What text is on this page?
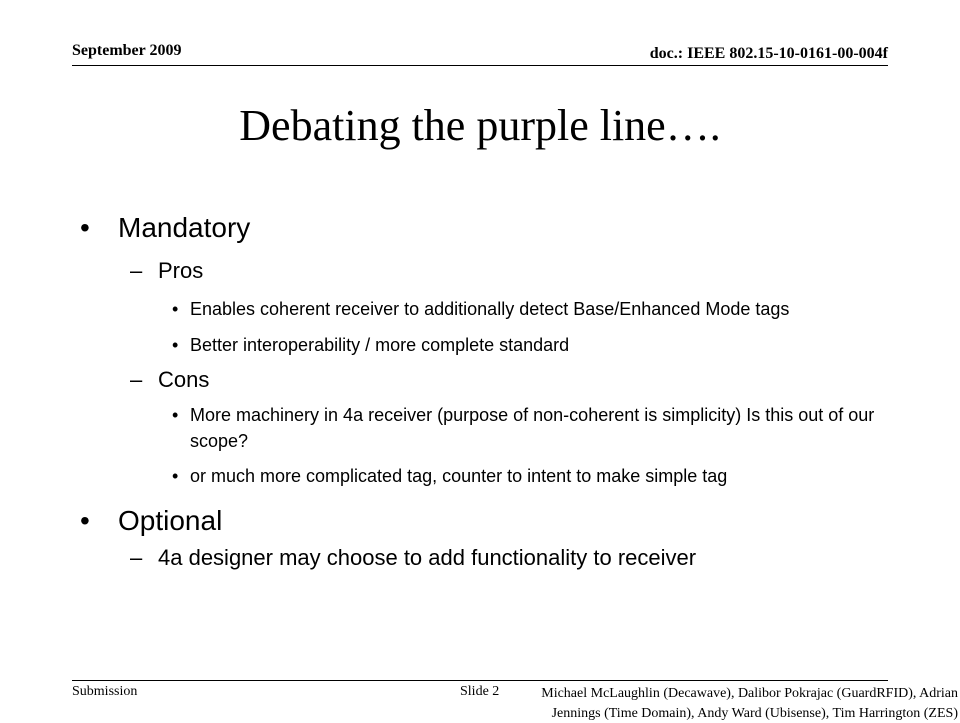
September 2009	doc.: IEEE 802.15-10-0161-00-004f
Debating the purple line….
• Mandatory
– Pros
• Enables coherent receiver to additionally detect Base/Enhanced Mode tags
• Better interoperability / more complete standard
– Cons
• More machinery in 4a receiver (purpose of non-coherent is simplicity) Is this out of our scope?
• or much more complicated tag, counter to intent to make simple tag
• Optional
– 4a designer may choose to add functionality to receiver
Submission	Slide 2	Michael McLaughlin (Decawave), Dalibor Pokrajac (GuardRFID), Adrian
Jennings (Time Domain), Andy Ward (Ubisense), Tim Harrington (ZES)
